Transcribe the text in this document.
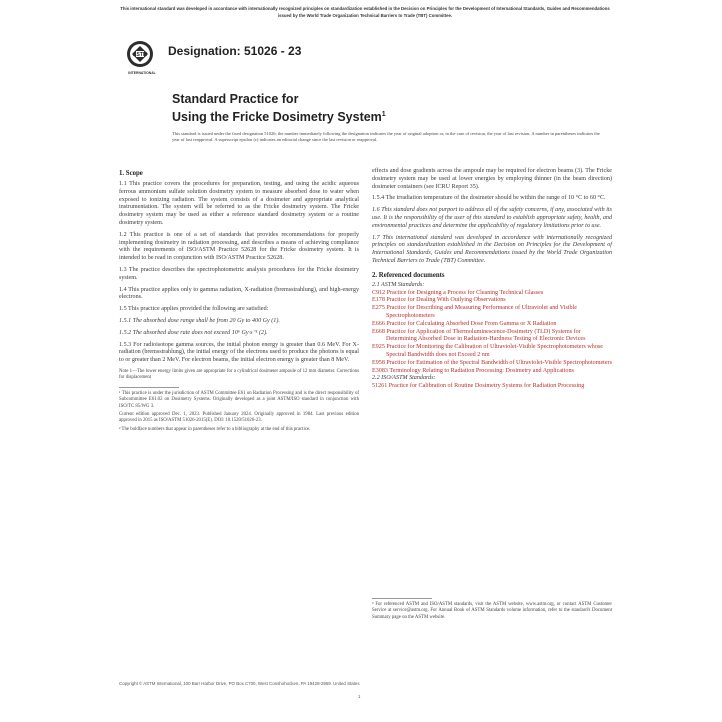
This international standard was developed in accordance with internationally recognized principles on standardization established in the Decision on Principles for the Development of International Standards, Guides and Recommendations issued by the World Trade Organization Technical Barriers to Trade (TBT) Committee.
ASTM
INTERNATIONAL
Designation: 51026 - 23
Standard Practice for
Using the Fricke Dosimetry System$^1$
This standard is issued under the fixed designation 51026; the number immediately following the designation indicates the year of original adoption or, in the case of revision, the year of last revision. A number in parentheses indicates the year of last reapproval. A superscript epsilon (ε) indicates an editorial change since the last revision or reapproval.
1. Scope
1.1 This practice covers the procedures for preparation, testing, and using the acidic aqueous ferrous ammonium sulfate solution dosimetry system to measure absorbed dose to water when exposed to ionizing radiation. The system consists of a dosimeter and appropriate analytical instrumentation. The system will be referred to as the Fricke dosimetry system. The Fricke dosimetry system may be used as either a reference standard dosimetry system or a routine dosimetry system.
1.2 This practice is one of a set of standards that provides recommendations for properly implementing dosimetry in radiation processing, and describes a means of achieving compliance with the requirements of ISO/ASTM Practice 52628 for the Fricke dosimetry system. It is intended to be read in conjunction with ISO/ASTM Practice 52628.
1.3 The practice describes the spectrophotometric analysis procedures for the Fricke dosimetry system.
1.4 This practice applies only to gamma radiation, X-radiation (bremsstrahlung), and high-energy electrons.
1.5 This practice applies provided the following are satisfied:
1.5.1 The absorbed dose range shall be from 20 Gy to 400 Gy (1).
1.5.2 The absorbed dose rate does not exceed 10⁶ Gy·s⁻¹ (2).
1.5.3 For radioisotope gamma sources, the initial photon energy is greater than 0.6 MeV. For X-radiation (bremsstrahlung), the initial energy of the electrons used to produce the photons is equal to or greater than 2 MeV. For electron beams, the initial electron energy is greater than 8 MeV.
Note 1—The lower energy limits given are appropriate for a cylindrical dosimeter ampoule of 12 mm diameter. Corrections for displacement
¹ This practice is under the jurisdiction of ASTM Committee E61 on Radiation Processing and is the direct responsibility of Subcommittee E61.02 on Dosimetry Systems. Originally developed as a joint ASTM/ISO standard in conjunction with ISO/TC 85/WG 3.
Current edition approved Dec. 1, 2023. Published January 2024. Originally approved in 1984. Last previous edition approved in 2015 as ISO/ASTM 51026-2015(E). DOI: 10.1520/51026-23.
² The boldface numbers that appear in parentheses refer to a bibliography at the end of this practice.
effects and dose gradients across the ampoule may be required for electron beams (3). The Fricke dosimetry system may be used at lower energies by employing thinner (in the beam direction) dosimeter containers (see ICRU Report 35).
1.5.4 The irradiation temperature of the dosimeter should be within the range of 10 °C to 60 °C.
1.6 This standard does not purport to address all of the safety concerns, if any, associated with its use. It is the responsibility of the user of this standard to establish appropriate safety, health, and environmental practices and determine the applicability of regulatory limitations prior to use.
1.7 This international standard was developed in accordance with internationally recognized principles on standardization established in the Decision on Principles for the Development of International Standards, Guides and Recommendations issued by the World Trade Organization Technical Barriers to Trade (TBT) Committee.
2. Referenced documents
2.1 ASTM Standards:
C912 Practice for Designing a Process for Cleaning Technical Glasses
E178 Practice for Dealing With Outlying Observations
E275 Practice for Describing and Measuring Performance of Ultraviolet and Visible Spectrophotometers
E666 Practice for Calculating Absorbed Dose From Gamma or X Radiation
E668 Practice for Application of Thermoluminescence-Dosimetry (TLD) Systems for Determining Absorbed Dose in Radiation-Hardness Testing of Electronic Devices
E925 Practice for Monitoring the Calibration of Ultraviolet-Visible Spectrophotometers whose Spectral Bandwidth does not Exceed 2 nm
E958 Practice for Estimation of the Spectral Bandwidth of Ultraviolet-Visible Spectrophotometers
E3083 Terminology Relating to Radiation Processing: Dosimetry and Applications
2.2 ISO/ASTM Standards:
51261 Practice for Calibration of Routine Dosimetry Systems for Radiation Processing
³ For referenced ASTM and ISO/ASTM standards, visit the ASTM website, www.astm.org, or contact ASTM Customer Service at service@astm.org. For Annual Book of ASTM Standards volume information, refer to the standard's Document Summary page on the ASTM website.
Copyright © ASTM International, 100 Barr Harbor Drive, PO Box C700, West Conshohocken, PA 19428-2959. United States
1
